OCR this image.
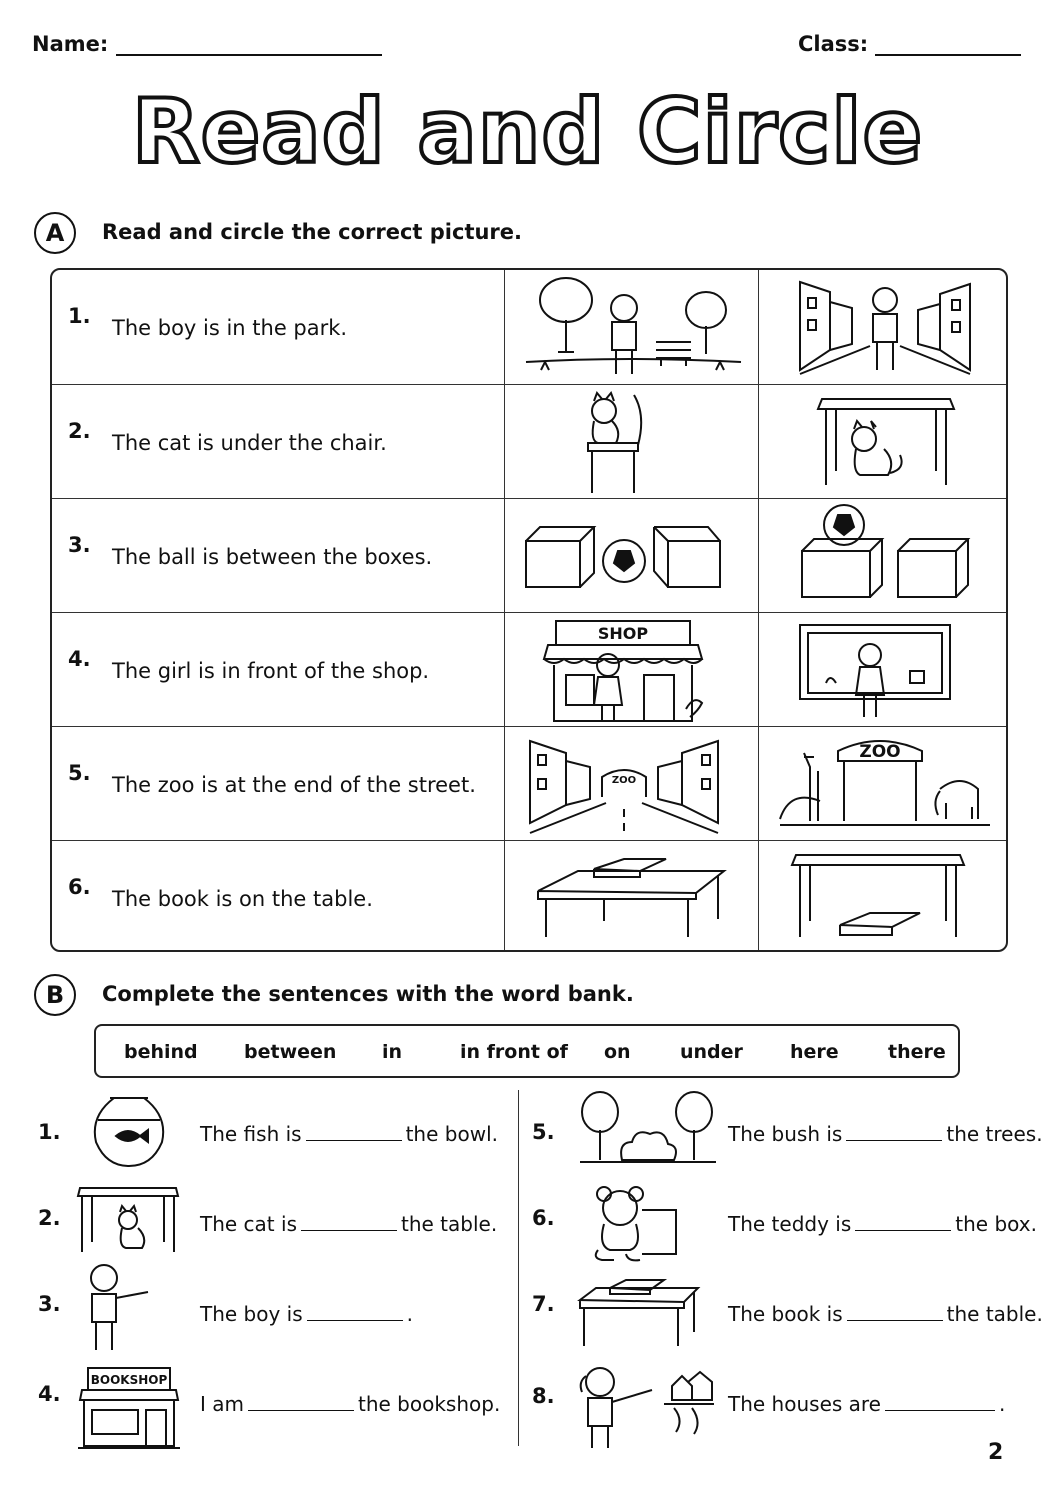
Name:	Class:
Read and Circle
A	Read and circle the correct picture.
1. The boy is in the park.
2. The cat is under the chair.
3. The ball is between the boxes.
4. The girl is in front of the shop.
SHOP
5. The zoo is at the end of the street.	ZOO
ZOO
6. The book is on the table.
B	Complete the sentences with the word bank.
behind between in	in front of on	under here	there
1.	The fish is	the bowl.
2.	The cat is	the table.
3.	The boy is	.
4.
BOOKSHOP
I am	the bookshop.
5.	The bush is	the trees.
6.	The teddy is	the box.
7.	The book is	the table.
8.	The houses are	.
2
